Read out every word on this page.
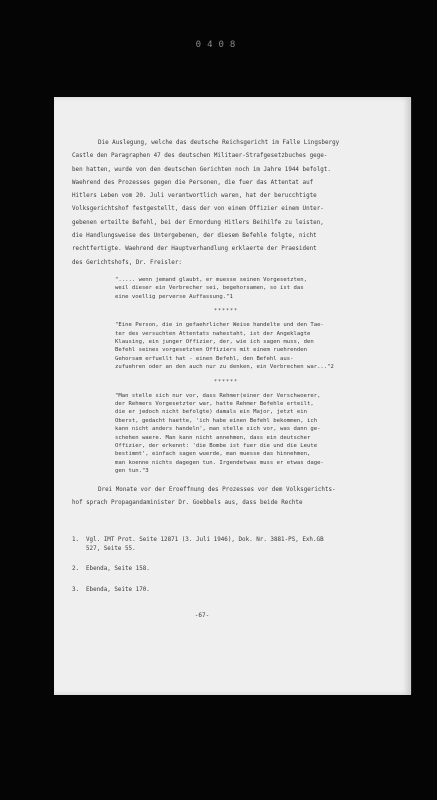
0408

Die Auslegung, welche das deutsche Reichsgericht im Falle Lingsbergy

Castle den Paragraphen 47 des deutschen Militaer-Strafgesetzbuches gege-

ben hatten, wurde von den deutschen Gerichten noch im Jahre 1944 befolgt.

Waehrend des Prozesses gegen die Personen, die fuer das Attentat auf

Hitlers Leben vom 20. Juli verantwortlich waren, hat der berucchtigte

Volksgerichtshof festgestellt, dass der von einem Offizier einem Unter-

gebenen erteilte Befehl, bei der Ermordung Hitlers Beihilfe zu leisten,

die Handlungsweise des Untergebenen, der diesem Befehle folgte, nicht

rechtfertigte. Waehrend der Hauptverhandlung erklaerte der Praesident

des Gerichtshofs, Dr. Freisler:

"..... wenn jemand glaubt, er muesse seinen Vorgesetzten,

weil dieser ein Verbrecher sei, begehorsamen, so ist das

eine voellig perverse Auffassung."1

******

"Eine Person, die in gefaehrlicher Weise handelte und den Tae-

ter des versuchten Attentats nahestaht, ist der Angeklagte

Klausing, ein junger Offizier, der, wie ich sagen muss, den

Befehl seines vorgesetzten Offiziers mit einem ruehrenden

Gehorsam erfuellt hat - einen Befehl, den Befehl aus-

zufuehren oder an den auch nur zu denken, ein Verbrechen war..."2

******

"Man stelle sich nur vor, dass Rehmer(einer der Verschwoerer,

der Rehmers Vorgesetzter war, hatte Rehmer Befehle erteilt,

die er jedoch nicht befolgte) damals ein Major, jetzt ein

Oberst, gedacht haette, 'ich habe einen Befehl bekommen, ich

kann nicht anders handeln', man stelle sich vor, was dann ge-

schehen waere. Man kann nicht annehmen, dass ein deutscher

Offizier, der erkennt: 'die Bombe ist fuer die und die Leute

bestimmt', einfach sagen wuerde, man muesse das hinnehmen,

man koenne nichts dagegen tun. Irgendetwas muss er etwas dage-

gen tun."3

Drei Monate vor der Eroeffnung des Prozesses vor dem Volksgerichts-

hof sprach Propagandaminister Dr. Goebbels aus, dass beide Rechte

1.	Vgl. IMT Prot. Seite 12871 (3. Juli 1946), Dok. Nr. 3881-PS, Exh.GB
527, Seite 55.
2.	Ebenda, Seite 158.
3.	Ebenda, Seite 170.
-67-
